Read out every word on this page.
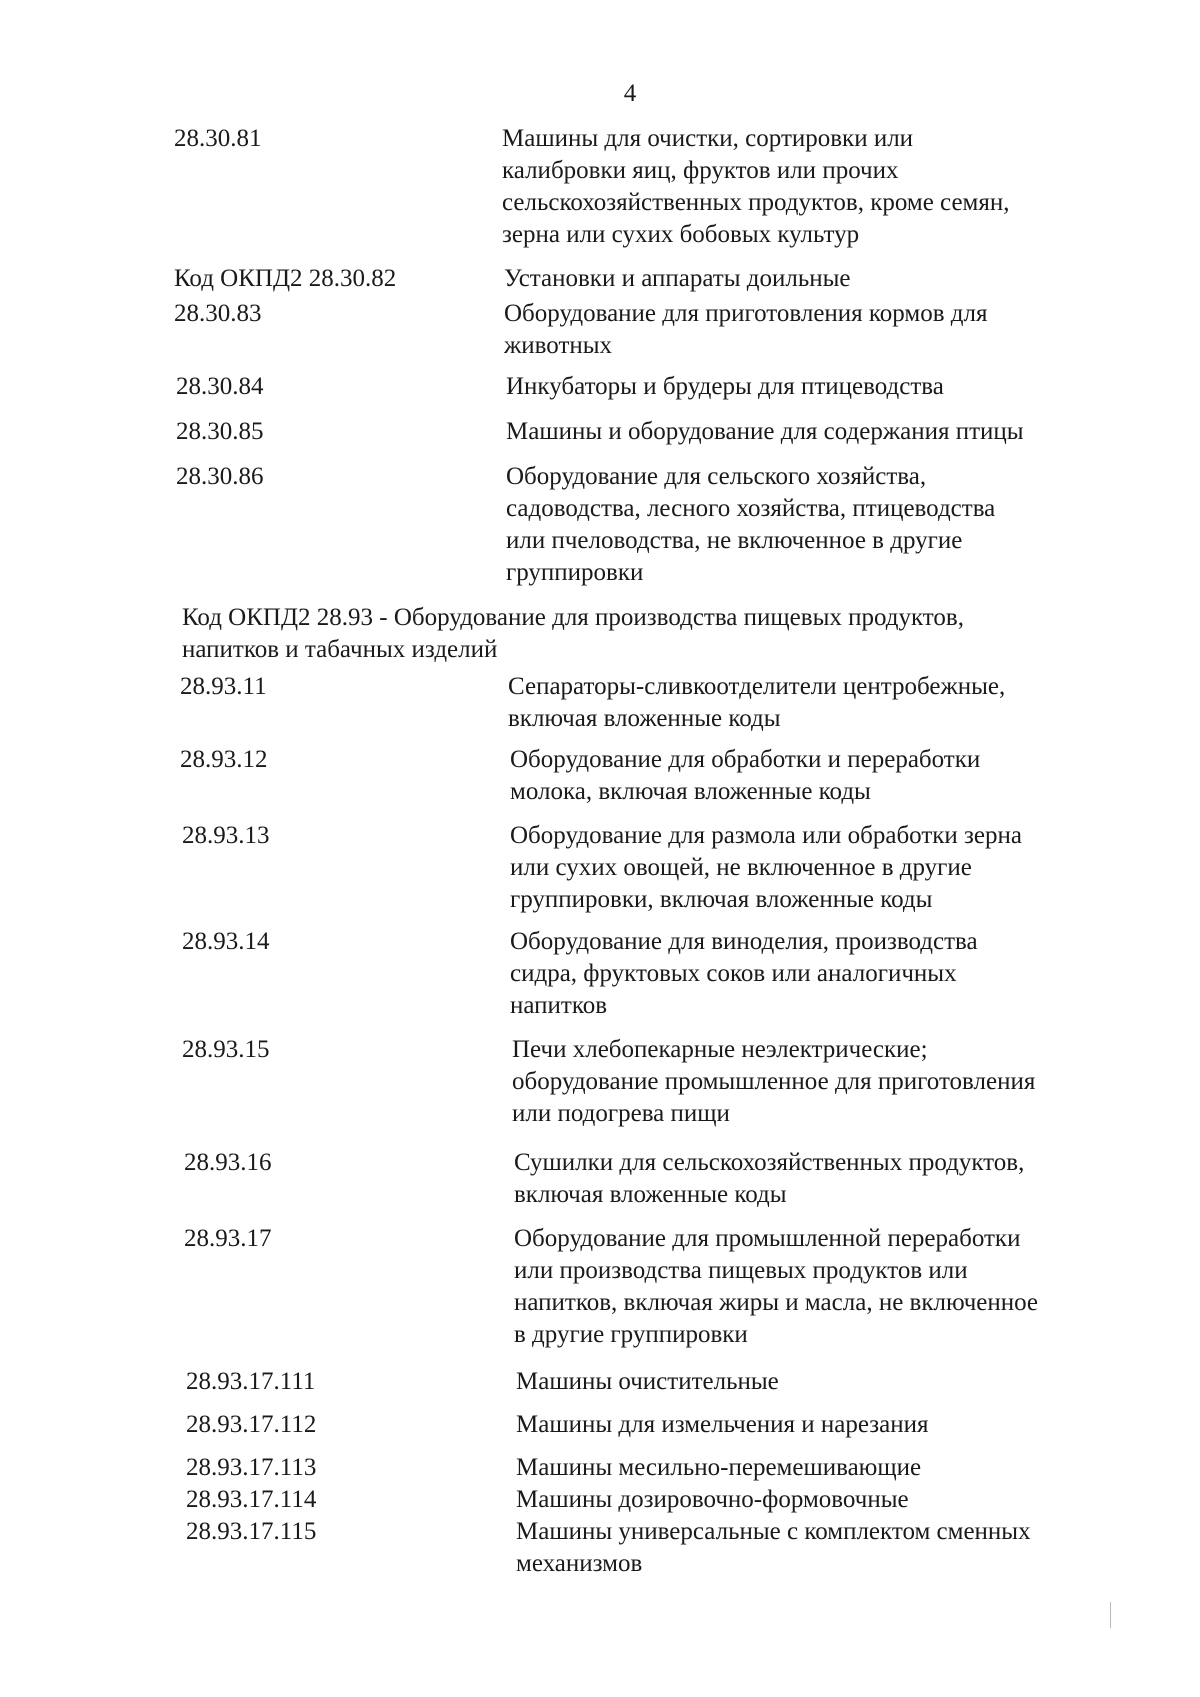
4
28.30.81	Машины для очистки, сортировки или
калибровки яиц, фруктов или прочих
сельскохозяйственных продуктов, кроме семян,
зерна или сухих бобовых культур
Код ОКПД2 28.30.82	Установки и аппараты доильные
28.30.83	Оборудование для приготовления кормов для
животных
28.30.84	Инкубаторы и брудеры для птицеводства
28.30.85	Машины и оборудование для содержания птицы
28.30.86	Оборудование для сельского хозяйства,
садоводства, лесного хозяйства, птицеводства
или пчеловодства, не включенное в другие
группировки
Код ОКПД2 28.93 - Оборудование для производства пищевых продуктов,
напитков и табачных изделий
28.93.11	Сепараторы-сливкоотделители центробежные,
включая вложенные коды
28.93.12	Оборудование для обработки и переработки
молока, включая вложенные коды
28.93.13	Оборудование для размола или обработки зерна
или сухих овощей, не включенное в другие
группировки, включая вложенные коды
28.93.14	Оборудование для виноделия, производства
сидра, фруктовых соков или аналогичных
напитков
28.93.15	Печи хлебопекарные неэлектрические;
оборудование промышленное для приготовления
или подогрева пищи
28.93.16	Сушилки для сельскохозяйственных продуктов,
включая вложенные коды
28.93.17	Оборудование для промышленной переработки
или производства пищевых продуктов или
напитков, включая жиры и масла, не включенное
в другие группировки
28.93.17.111	Машины очистительные
28.93.17.112	Машины для измельчения и нарезания
28.93.17.113	Машины месильно-перемешивающие
28.93.17.114	Машины дозировочно-формовочные
28.93.17.115	Машины универсальные с комплектом сменных
механизмов
